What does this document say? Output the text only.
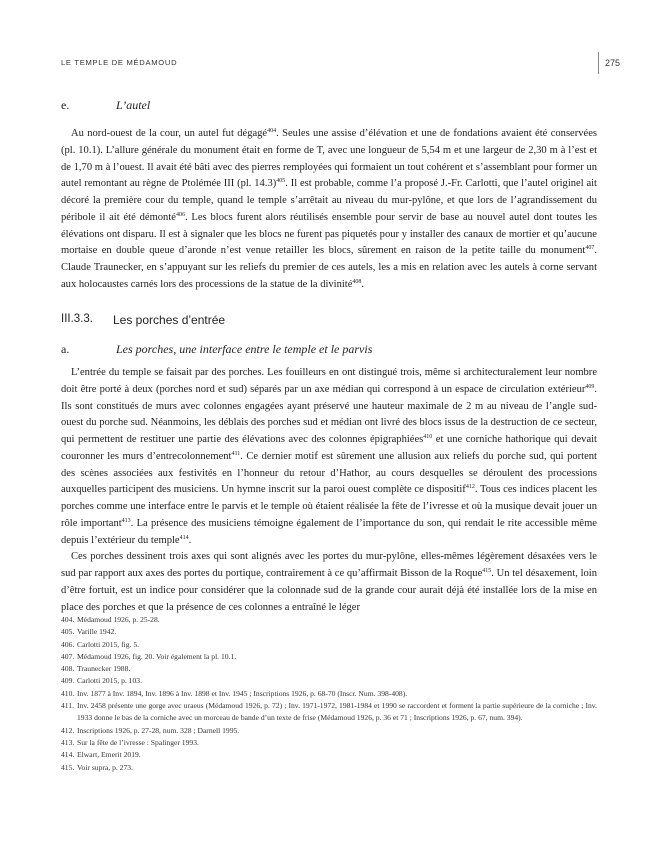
LE TEMPLE DE MÉDAMOUD	275
e.	L’autel

Au nord-ouest de la cour, un autel fut dégagé$^{404}$. Seules une assise d’élévation et une de fondations avaient été conservées (pl. 10.1). L’allure générale du monument était en forme de T, avec une longueur de 5,54 m et une largeur de 2,30 m à l’est et de 1,70 m à l’ouest. Il avait été bâti avec des pierres remployées qui formaient un tout cohérent et s’assemblant pour former un autel remontant au règne de Ptolémée III (pl. 14.3)$^{405}$. Il est probable, comme l’a proposé J.-Fr. Carlotti, que l’autel originel ait décoré la première cour du temple, quand le temple s’arrêtait au niveau du mur-pylône, et que lors de l’agrandissement du péribole il ait été démonté$^{406}$. Les blocs furent alors réutilisés ensemble pour servir de base au nouvel autel dont toutes les élévations ont disparu. Il est à signaler que les blocs ne furent pas piquetés pour y installer des canaux de mortier et qu’aucune mortaise en double queue d’aronde n’est venue retailler les blocs, sûrement en raison de la petite taille du monument$^{407}$. Claude Traunecker, en s’appuyant sur les reliefs du premier de ces autels, les a mis en relation avec les autels à corne servant aux holocaustes carnés lors des processions de la statue de la divinité$^{408}$.

III.3.3. Les porches d’entrée
a.	Les porches, une interface entre le temple et le parvis

L’entrée du temple se faisait par des porches. Les fouilleurs en ont distingué trois, même si architecturalement leur nombre doit être porté à deux (porches nord et sud) séparés par un axe médian qui correspond à un espace de circulation extérieur$^{409}$. Ils sont constitués de murs avec colonnes engagées ayant préservé une hauteur maximale de 2 m au niveau de l’angle sud-ouest du porche sud. Néanmoins, les déblais des porches sud et médian ont livré des blocs issus de la destruction de ce secteur, qui permettent de restituer une partie des élévations avec des colonnes épigraphiées$^{410}$ et une corniche hathorique qui devait couronner les murs d’entrecolonnement$^{411}$. Ce dernier motif est sûrement une allusion aux reliefs du porche sud, qui portent des scènes associées aux festivités en l’honneur du retour d’Hathor, au cours desquelles se déroulent des processions auxquelles participent des musiciens. Un hymne inscrit sur la paroi ouest complète ce dispositif$^{412}$. Tous ces indices placent les porches comme une interface entre le parvis et le temple où étaient réalisée la fête de l’ivresse et où la musique devait jouer un rôle important$^{413}$. La présence des musiciens témoigne également de l’importance du son, qui rendait le rite accessible même depuis l’extérieur du temple$^{414}$.

Ces porches dessinent trois axes qui sont alignés avec les portes du mur-pylône, elles-mêmes légèrement désaxées vers le sud par rapport aux axes des portes du portique, contrairement à ce qu’affirmait Bisson de la Roque$^{415}$. Un tel désaxement, loin d’être fortuit, est un indice pour considérer que la colonnade sud de la grande cour aurait déjà été installée lors de la mise en place des porches et que la présence de ces colonnes a entraîné le léger

404. Médamoud 1926, p. 25-28.
405. Varille 1942.
406. Carlotti 2015, fig. 5.
407. Médamoud 1926, fig. 20. Voir également la pl. 10.1.
408. Traunecker 1988.
409. Carlotti 2015, p. 103.
410. Inv. 1877 à Inv. 1894, Inv. 1896 à Inv. 1898 et Inv. 1945 ; Inscriptions 1926, p. 68-70 (Inscr. Num. 398-408).
411. Inv. 2458 présente une gorge avec uraeus (Médamoud 1926, p. 72) ; Inv. 1971-1972, 1981-1984 et 1990 se raccordent et forment la partie supérieure de la corniche ; Inv. 1933 donne le bas de la corniche avec un morceau de bande d’un texte de frise (Médamoud 1926, p. 36 et 71 ; Inscriptions 1926, p. 67, num. 394).
412. Inscriptions 1926, p. 27-28, num. 328 ; Darnell 1995.
413. Sur la fête de l’ivresse : Spalinger 1993.
414. Elwart, Emerit 2019.
415. Voir supra, p. 273.
